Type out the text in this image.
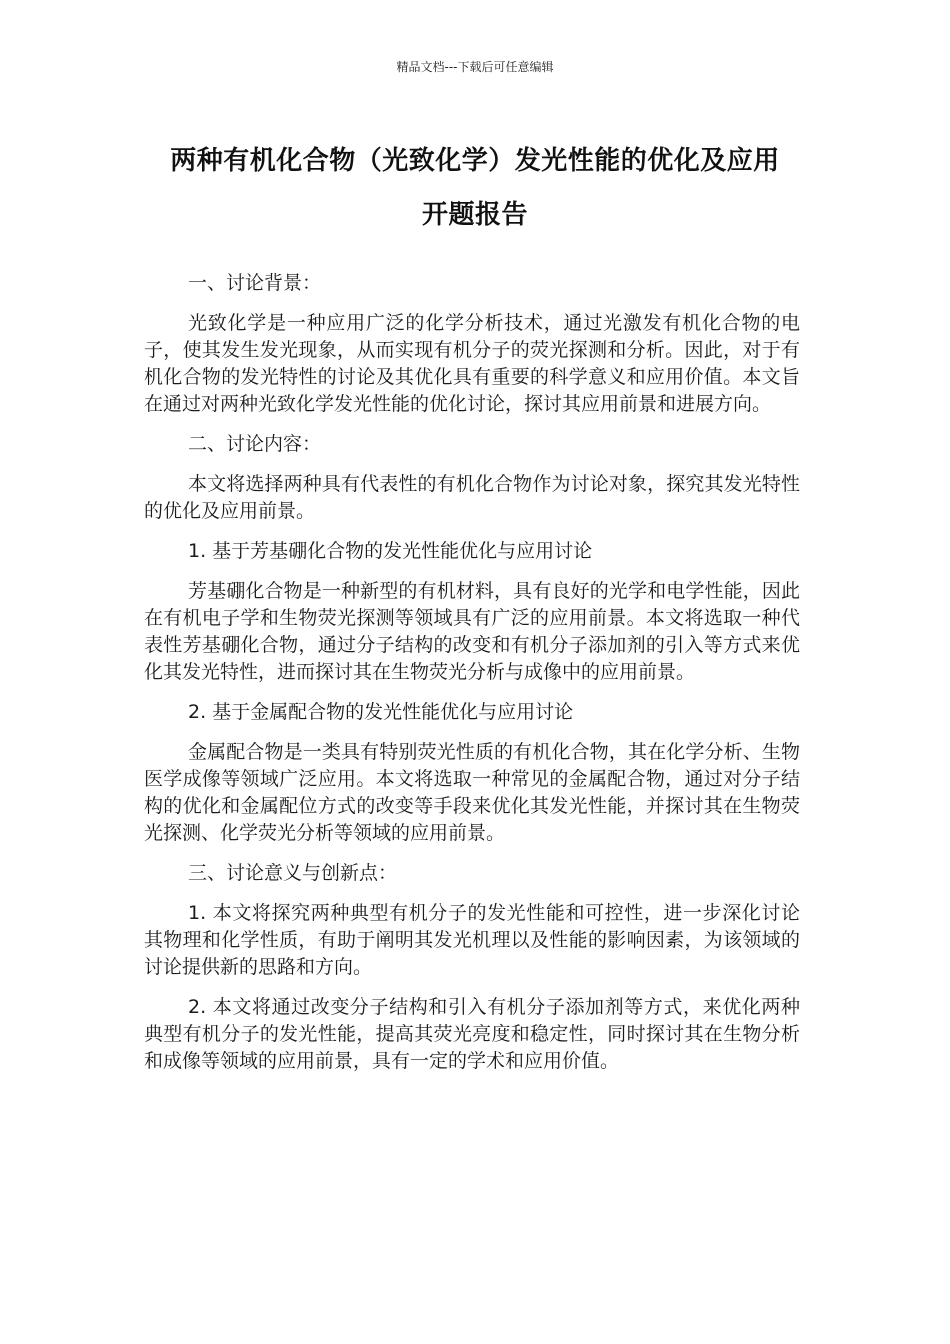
精品文档---下载后可任意编辑
两种有机化合物（光致化学）发光性能的优化及应用
开题报告

一、讨论背景：

光致化学是一种应用广泛的化学分析技术，通过光激发有机化合物的电子，使其发生发光现象，从而实现有机分子的荧光探测和分析。因此，对于有机化合物的发光特性的讨论及其优化具有重要的科学意义和应用价值。本文旨在通过对两种光致化学发光性能的优化讨论，探讨其应用前景和进展方向。

二、讨论内容：

本文将选择两种具有代表性的有机化合物作为讨论对象，探究其发光特性的优化及应用前景。

1. 基于芳基硼化合物的发光性能优化与应用讨论

芳基硼化合物是一种新型的有机材料，具有良好的光学和电学性能，因此在有机电子学和生物荧光探测等领域具有广泛的应用前景。本文将选取一种代表性芳基硼化合物，通过分子结构的改变和有机分子添加剂的引入等方式来优化其发光特性，进而探讨其在生物荧光分析与成像中的应用前景。

2. 基于金属配合物的发光性能优化与应用讨论

金属配合物是一类具有特别荧光性质的有机化合物，其在化学分析、生物医学成像等领域广泛应用。本文将选取一种常见的金属配合物，通过对分子结构的优化和金属配位方式的改变等手段来优化其发光性能，并探讨其在生物荧光探测、化学荧光分析等领域的应用前景。

三、讨论意义与创新点：

1. 本文将探究两种典型有机分子的发光性能和可控性，进一步深化讨论其物理和化学性质，有助于阐明其发光机理以及性能的影响因素，为该领域的讨论提供新的思路和方向。

2. 本文将通过改变分子结构和引入有机分子添加剂等方式，来优化两种典型有机分子的发光性能，提高其荧光亮度和稳定性，同时探讨其在生物分析和成像等领域的应用前景，具有一定的学术和应用价值。
